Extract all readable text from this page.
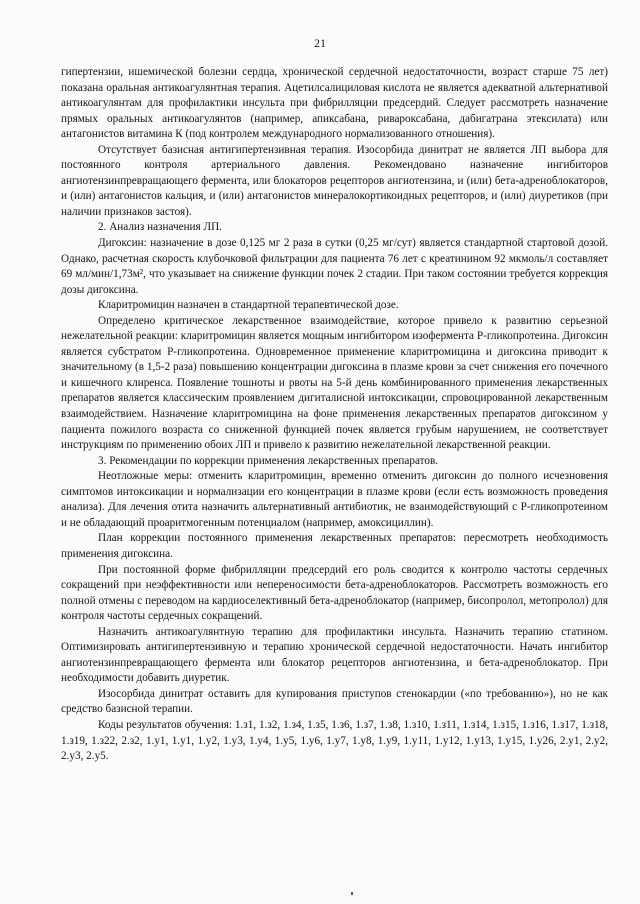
21

гипертензии, ишемической болезни сердца, хронической сердечной недостаточности, возраст старше 75 лет) показана оральная антикоагулянтная терапия. Ацетилсалициловая кислота не является адекватной альтернативой антикоагулянтам для профилактики инсульта при фибрилляции предсердий. Следует рассмотреть назначение прямых оральных антикоагулянтов (например, апиксабана, ривароксабана, дабигатрана этексилата) или антагонистов витамина К (под контролем международного нормализованного отношения).

Отсутствует базисная антигипертензивная терапия. Изосорбида динитрат не является ЛП выбора для постоянного контроля артериального давления. Рекомендовано назначение ингибиторов ангиотензинпревращающего фермента, или блокаторов рецепторов ангиотензина, и (или) бета-адреноблокаторов, и (или) антагонистов кальция, и (или) антагонистов минералокортикоидных рецепторов, и (или) диуретиков (при наличии признаков застоя).

2. Анализ назначения ЛП.

Дигоксин: назначение в дозе 0,125 мг 2 раза в сутки (0,25 мг/сут) является стандартной стартовой дозой. Однако, расчетная скорость клубочковой фильтрации для пациента 76 лет с креатинином 92 мкмоль/л составляет 69 мл/мин/1,73м², что указывает на снижение функции почек 2 стадии. При таком состоянии требуется коррекция дозы дигоксина.

Кларитромицин назначен в стандартной терапевтической дозе.

Определено критическое лекарственное взаимодействие, которое привело к развитию серьезной нежелательной реакции: кларитромицин является мощным ингибитором изофермента Р-гликопротеина. Дигоксин является субстратом Р-гликопротеина. Одновременное применение кларитромицина и дигоксина приводит к значительному (в 1,5-2 раза) повышению концентрации дигоксина в плазме крови за счет снижения его почечного и кишечного клиренса. Появление тошноты и рвоты на 5-й день комбинированного применения лекарственных препаратов является классическим проявлением дигиталисной интоксикации, спровоцированной лекарственным взаимодействием. Назначение кларитромицина на фоне применения лекарственных препаратов дигоксином у пациента пожилого возраста со сниженной функцией почек является грубым нарушением, не соответствует инструкциям по применению обоих ЛП и привело к развитию нежелательной лекарственной реакции.

3. Рекомендации по коррекции применения лекарственных препаратов.

Неотложные меры: отменить кларитромицин, временно отменить дигоксин до полного исчезновения симптомов интоксикации и нормализации его концентрации в плазме крови (если есть возможность проведения анализа). Для лечения отита назначить альтернативный антибиотик, не взаимодействующий с Р-гликопротеином и не обладающий проаритмогенным потенциалом (например, амоксициллин).

План коррекции постоянного применения лекарственных препаратов: пересмотреть необходимость применения дигоксина.

При постоянной форме фибрилляции предсердий его роль сводится к контролю частоты сердечных сокращений при неэффективности или непереносимости бета-адреноблокаторов. Рассмотреть возможность его полной отмены с переводом на кардиоселективный бета-адреноблокатор (например, бисопролол, метопролол) для контроля частоты сердечных сокращений.

Назначить антикоагулянтную терапию для профилактики инсульта. Назначить терапию статином. Оптимизировать антигипертензивную и терапию хронической сердечной недостаточности. Начать ингибитор ангиотензинпревращающего фермента или блокатор рецепторов ангиотензина, и бета-адреноблокатор. При необходимости добавить диуретик.

Изосорбида динитрат оставить для купирования приступов стенокардии («по требованию»), но не как средство базисной терапии.

Коды результатов обучения: 1.з1, 1.з2, 1.з4, 1.з5, 1.з6, 1.з7, 1.з8, 1.з10, 1.з11, 1.з14, 1.з15, 1.з16, 1.з17, 1.з18, 1.з19, 1.з22, 2.з2, 1.у1, 1.у1, 1.у2, 1.у3, 1.у4, 1.у5, 1.у6, 1.у7, 1.у8, 1.у9, 1.у11, 1.у12, 1.у13, 1.у15, 1.у26, 2.у1, 2.у2, 2.у3, 2.у5.
